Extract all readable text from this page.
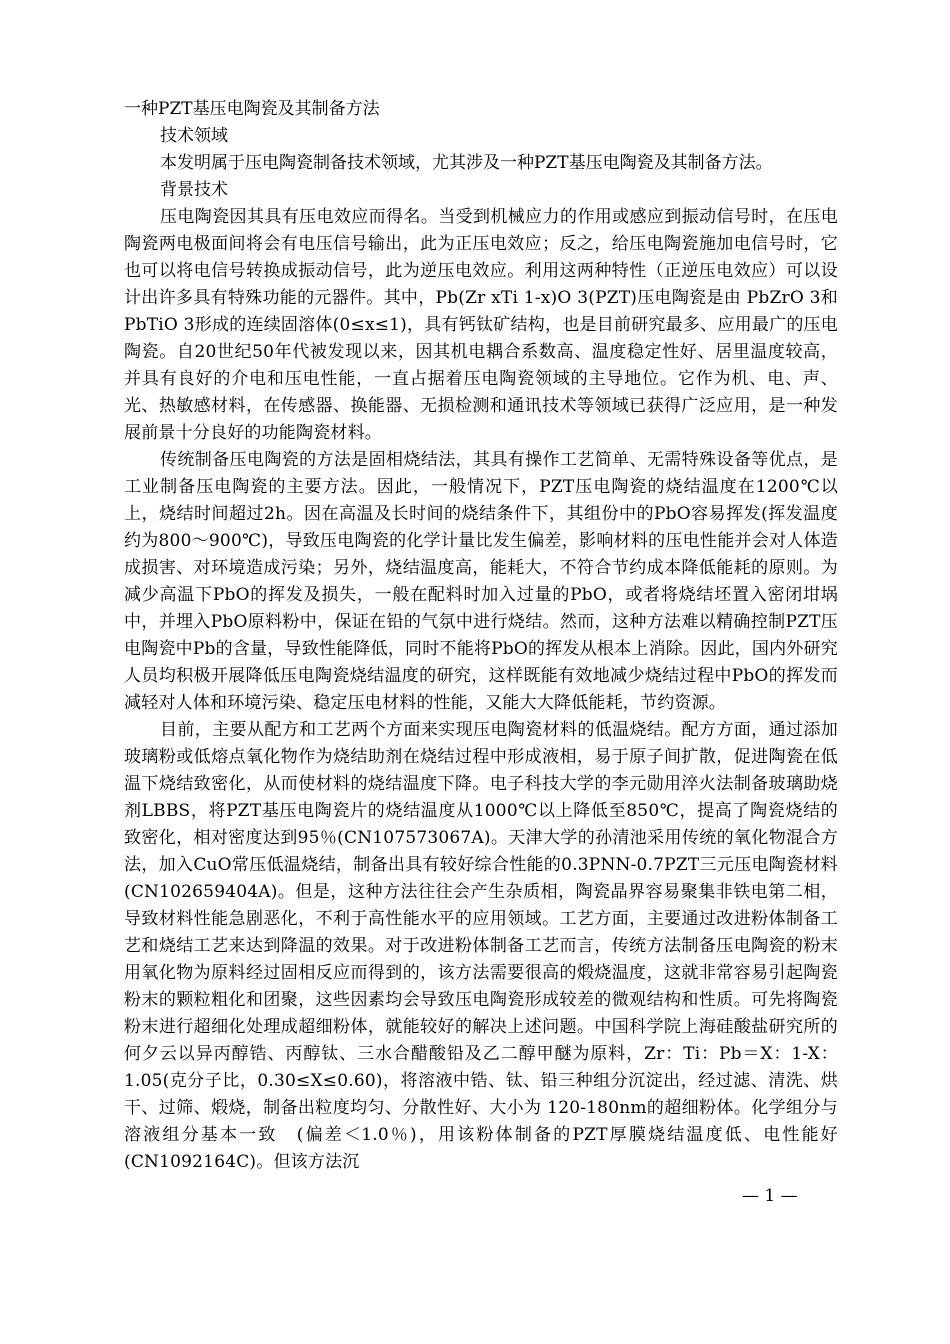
一种PZT基压电陶瓷及其制备方法

技术领域

本发明属于压电陶瓷制备技术领域，尤其涉及一种PZT基压电陶瓷及其制备方法。

背景技术

压电陶瓷因其具有压电效应而得名。当受到机械应力的作用或感应到振动信号时，在压电陶瓷两电极面间将会有电压信号输出，此为正压电效应；反之，给压电陶瓷施加电信号时，它也可以将电信号转换成振动信号，此为逆压电效应。利用这两种特性（正逆压电效应）可以设计出许多具有特殊功能的元器件。其中，Pb(Zr xTi 1-x)O 3(PZT)压电陶瓷是由 PbZrO 3和PbTiO 3形成的连续固溶体(0≤x≤1)，具有钙钛矿结构，也是目前研究最多、应用最广的压电陶瓷。自20世纪50年代被发现以来，因其机电耦合系数高、温度稳定性好、居里温度较高，并具有良好的介电和压电性能，一直占据着压电陶瓷领域的主导地位。它作为机、电、声、光、热敏感材料，在传感器、换能器、无损检测和通讯技术等领域已获得广泛应用，是一种发展前景十分良好的功能陶瓷材料。

传统制备压电陶瓷的方法是固相烧结法，其具有操作工艺简单、无需特殊设备等优点，是工业制备压电陶瓷的主要方法。因此，一般情况下，PZT压电陶瓷的烧结温度在1200℃以上，烧结时间超过2h。因在高温及长时间的烧结条件下，其组份中的PbO容易挥发(挥发温度约为800～900℃)，导致压电陶瓷的化学计量比发生偏差，影响材料的压电性能并会对人体造成损害、对环境造成污染；另外，烧结温度高，能耗大，不符合节约成本降低能耗的原则。为减少高温下PbO的挥发及损失，一般在配料时加入过量的PbO，或者将烧结坯置入密闭坩埚中，并埋入PbO原料粉中，保证在铅的气氛中进行烧结。然而，这种方法难以精确控制PZT压电陶瓷中Pb的含量，导致性能降低，同时不能将PbO的挥发从根本上消除。因此，国内外研究人员均积极开展降低压电陶瓷烧结温度的研究，这样既能有效地减少烧结过程中PbO的挥发而减轻对人体和环境污染、稳定压电材料的性能，又能大大降低能耗，节约资源。

目前，主要从配方和工艺两个方面来实现压电陶瓷材料的低温烧结。配方方面，通过添加玻璃粉或低熔点氧化物作为烧结助剂在烧结过程中形成液相，易于原子间扩散，促进陶瓷在低温下烧结致密化，从而使材料的烧结温度下降。电子科技大学的李元勋用淬火法制备玻璃助烧剂LBBS，将PZT基压电陶瓷片的烧结温度从1000℃以上降低至850℃，提高了陶瓷烧结的致密化，相对密度达到95％(CN107573067A)。天津大学的孙清池采用传统的氧化物混合方法，加入CuO常压低温烧结，制备出具有较好综合性能的0.3PNN-0.7PZT三元压电陶瓷材料(CN102659404A)。但是，这种方法往往会产生杂质相，陶瓷晶界容易聚集非铁电第二相，导致材料性能急剧恶化，不利于高性能水平的应用领域。工艺方面，主要通过改进粉体制备工艺和烧结工艺来达到降温的效果。对于改进粉体制备工艺而言，传统方法制备压电陶瓷的粉末用氧化物为原料经过固相反应而得到的，该方法需要很高的煅烧温度，这就非常容易引起陶瓷粉末的颗粒粗化和团聚，这些因素均会导致压电陶瓷形成较差的微观结构和性质。可先将陶瓷粉末进行超细化处理成超细粉体，就能较好的解决上述问题。中国科学院上海硅酸盐研究所的何夕云以异丙醇锆、丙醇钛、三水合醋酸铅及乙二醇甲醚为原料，Zr：Ti：Pb＝X：1-X：1.05(克分子比，0.30≤X≤0.60)，将溶液中锆、钛、铅三种组分沉淀出，经过滤、清洗、烘干、过筛、煅烧，制备出粒度均匀、分散性好、大小为 120-180nm的超细粉体。化学组分与溶液组分基本一致　(偏差＜1.0％)，用该粉体制备的PZT厚膜烧结温度低、电性能好(CN1092164C)。但该方法沉

— 1 —
